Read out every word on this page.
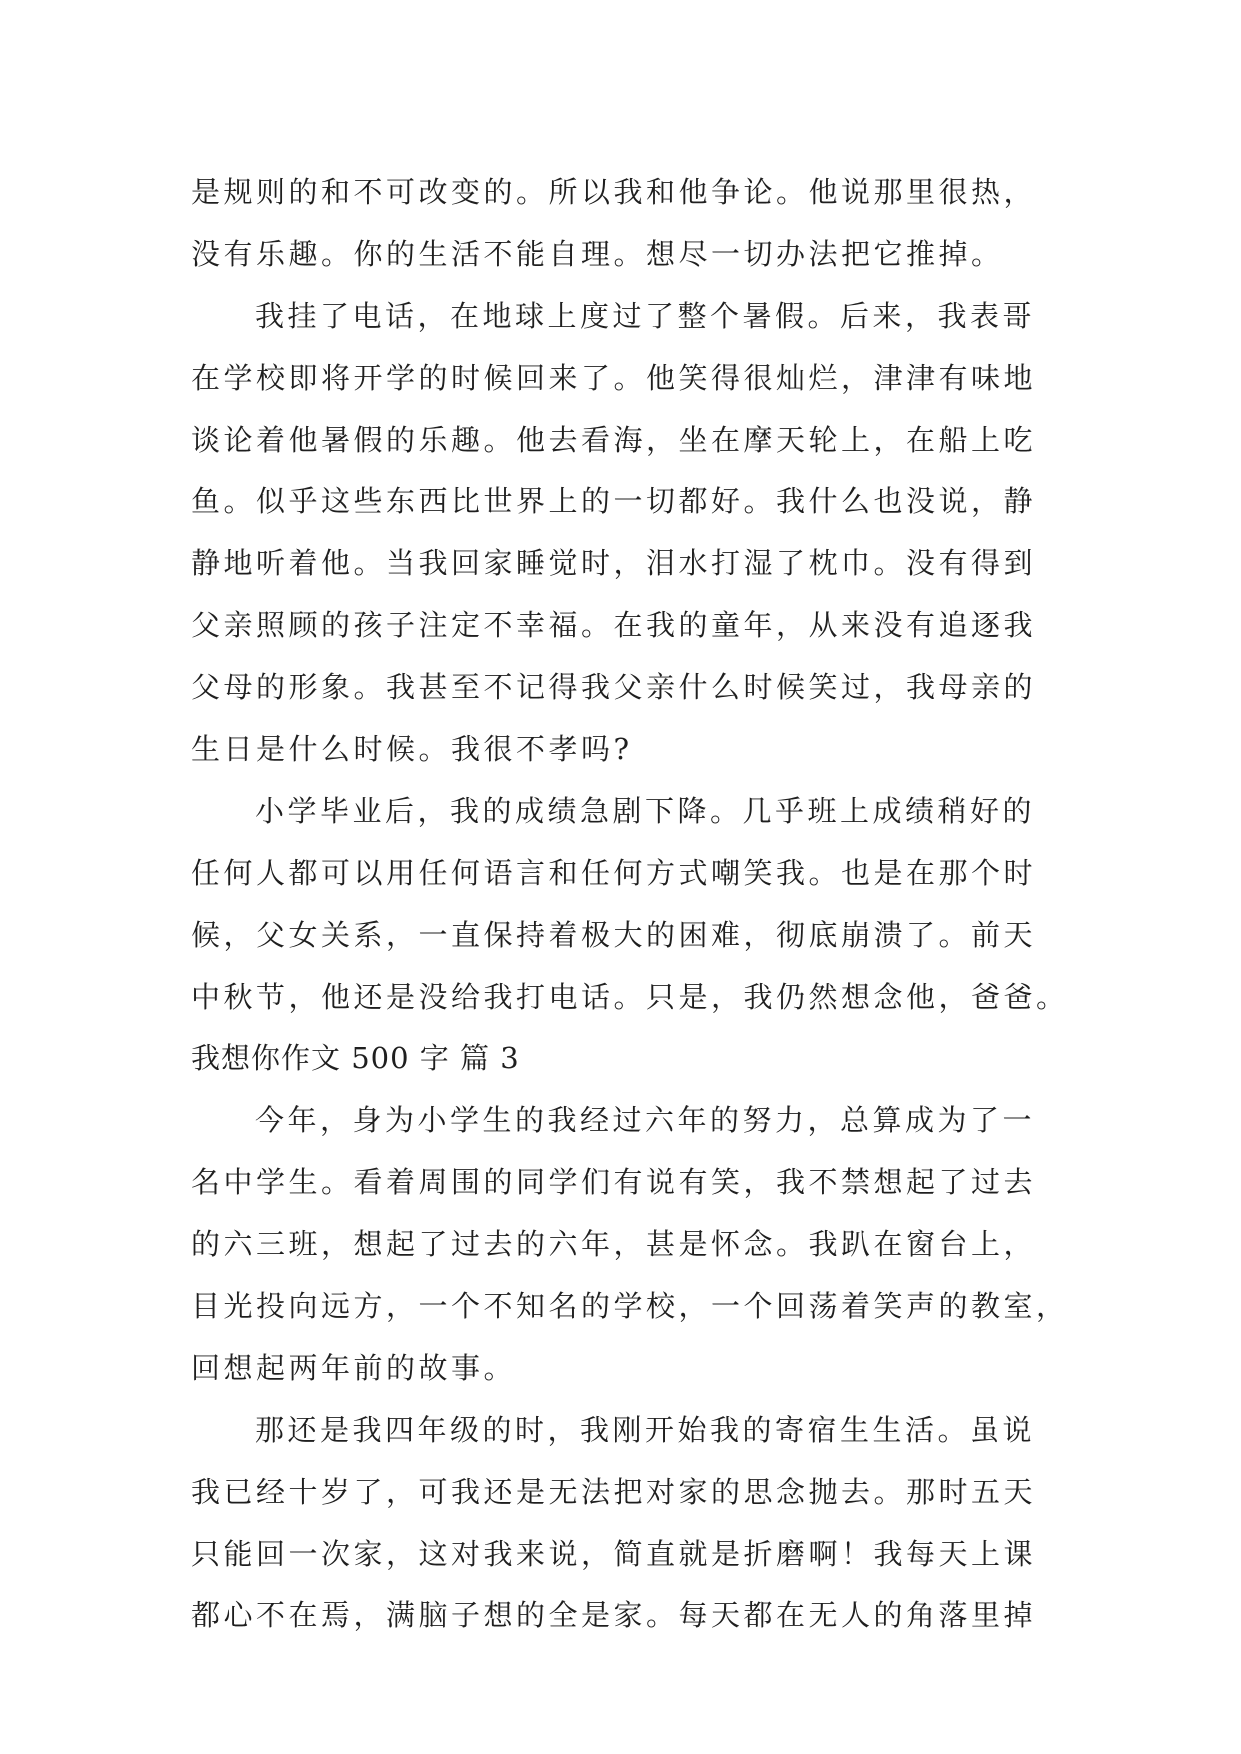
是规则的和不可改变的。所以我和他争论。他说那里很热，
没有乐趣。你的生活不能自理。想尽一切办法把它推掉。
我挂了电话，在地球上度过了整个暑假。后来，我表哥
在学校即将开学的时候回来了。他笑得很灿烂，津津有味地
谈论着他暑假的乐趣。他去看海，坐在摩天轮上，在船上吃
鱼。似乎这些东西比世界上的一切都好。我什么也没说，静
静地听着他。当我回家睡觉时，泪水打湿了枕巾。没有得到
父亲照顾的孩子注定不幸福。在我的童年，从来没有追逐我
父母的形象。我甚至不记得我父亲什么时候笑过，我母亲的
生日是什么时候。我很不孝吗?
小学毕业后，我的成绩急剧下降。几乎班上成绩稍好的
任何人都可以用任何语言和任何方式嘲笑我。也是在那个时
候，父女关系，一直保持着极大的困难，彻底崩溃了。前天
中秋节，他还是没给我打电话。只是，我仍然想念他，爸爸。
我想你作文 500 字 篇 3
今年，身为小学生的我经过六年的努力，总算成为了一
名中学生。看着周围的同学们有说有笑，我不禁想起了过去
的六三班，想起了过去的六年，甚是怀念。我趴在窗台上，
目光投向远方，一个不知名的学校，一个回荡着笑声的教室，
回想起两年前的故事。
那还是我四年级的时，我刚开始我的寄宿生生活。虽说
我已经十岁了，可我还是无法把对家的思念抛去。那时五天
只能回一次家，这对我来说，简直就是折磨啊！我每天上课
都心不在焉，满脑子想的全是家。每天都在无人的角落里掉
